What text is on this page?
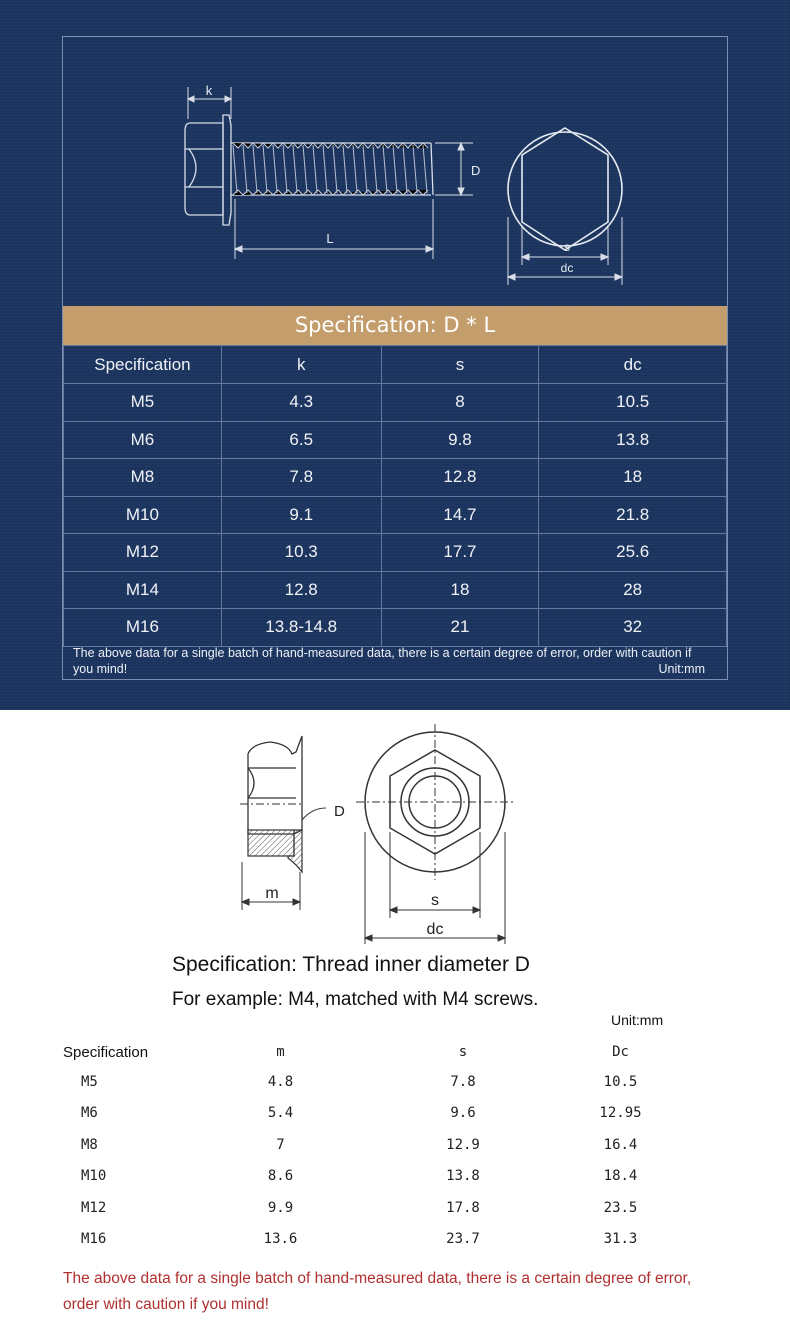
k
L
D
s
dc
Specification: D * L
Specification	k	s	dc
M5	4.3	8	10.5
M6	6.5	9.8	13.8
M8	7.8	12.8	18
M10	9.1	14.7	21.8
M12	10.3	17.7	25.6
M14	12.8	18	28
M16	13.8-14.8	21	32
The above data for a single batch of hand-measured data, there is a certain degree of error, order with caution if you mind!	Unit:mm
D
m	s
dc
Specification: Thread inner diameter D
For example: M4, matched with M4 screws.
Unit:mm
Specification	m	s	Dc
M5	4.8	7.8	10.5
M6	5.4	9.6	12.95
M8	7	12.9	16.4
M10	8.6	13.8	18.4
M12	9.9	17.8	23.5
M16	13.6	23.7	31.3
The above data for a single batch of hand-measured data, there is a certain degree of error, order with caution if you mind!
